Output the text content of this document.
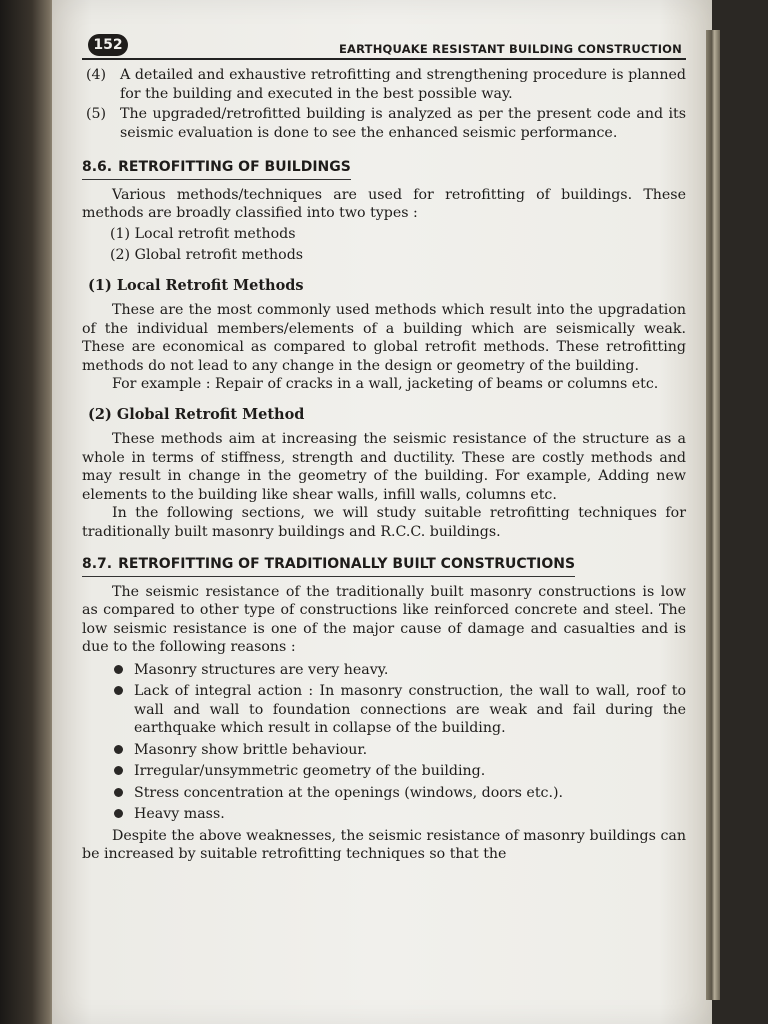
152	EARTHQUAKE RESISTANT BUILDING CONSTRUCTION
(4) A detailed and exhaustive retrofitting and strengthening procedure is planned for the building and executed in the best possible way.
(5) The upgraded/retrofitted building is analyzed as per the present code and its seismic evaluation is done to see the enhanced seismic performance.
8.6. RETROFITTING OF BUILDINGS

Various methods/techniques are used for retrofitting of buildings. These methods are broadly classified into two types :

(1) Local retrofit methods
(2) Global retrofit methods
(1) Local Retrofit Methods

These are the most commonly used methods which result into the upgradation of the individual members/elements of a building which are seismically weak. These are economical as compared to global retrofit methods. These retrofitting methods do not lead to any change in the design or geometry of the building.

For example : Repair of cracks in a wall, jacketing of beams or columns etc.

(2) Global Retrofit Method

These methods aim at increasing the seismic resistance of the structure as a whole in terms of stiffness, strength and ductility. These are costly methods and may result in change in the geometry of the building. For example, Adding new elements to the building like shear walls, infill walls, columns etc.

In the following sections, we will study suitable retrofitting techniques for traditionally built masonry buildings and R.C.C. buildings.

8.7. RETROFITTING OF TRADITIONALLY BUILT CONSTRUCTIONS

The seismic resistance of the traditionally built masonry constructions is low as compared to other type of constructions like reinforced concrete and steel. The low seismic resistance is one of the major cause of damage and casualties and is due to the following reasons :

Masonry structures are very heavy.
Lack of integral action : In masonry construction, the wall to wall, roof to wall and wall to foundation connections are weak and fail during the earthquake which result in collapse of the building.
Masonry show brittle behaviour.
Irregular/unsymmetric geometry of the building.
Stress concentration at the openings (windows, doors etc.).
Heavy mass.

Despite the above weaknesses, the seismic resistance of masonry buildings can be increased by suitable retrofitting techniques so that the
